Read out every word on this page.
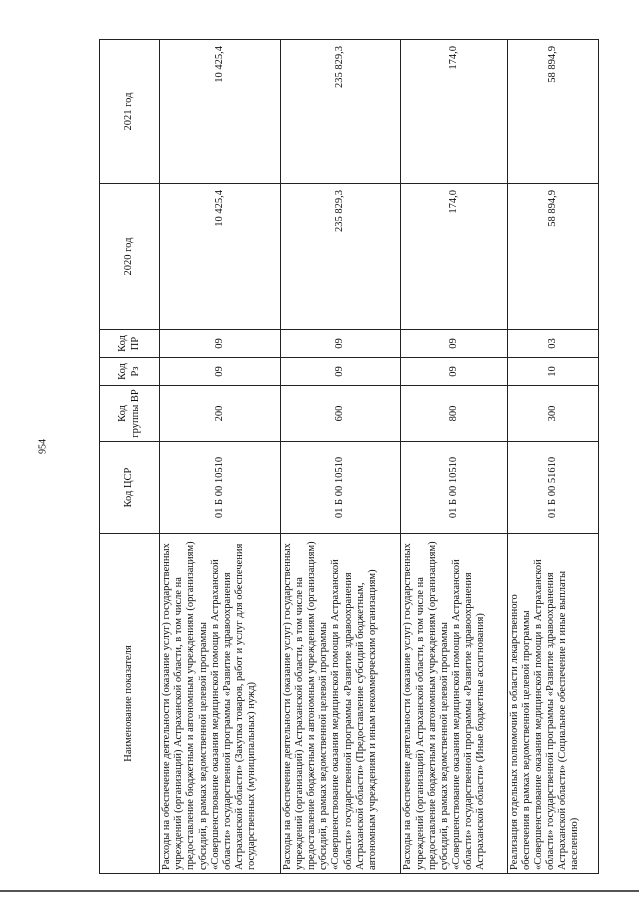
954
Наименование показателя	Код ЦСР	Код группы ВР	Код Рз	Код ПР	2020 год	2021 год
Расходы на обеспечение деятельности (оказание услуг) государственных учреждений (организаций) Астраханской области, в том числе на предоставление бюджетным и автономным учреждениям (организациям) субсидий, в рамках ведомственной целевой программы «Совершенствование оказания медицинской помощи в Астраханской области» государственной программы «Развитие здравоохранения Астраханской области» (Закупка товаров, работ и услуг для обеспечения государственных (муниципальных) нужд)	01 Б 00 10510	200	09	09	10 425,4	10 425,4
Расходы на обеспечение деятельности (оказание услуг) государственных учреждений (организаций) Астраханской области, в том числе на предоставление бюджетным и автономным учреждениям (организациям) субсидий, в рамках ведомственной целевой программы «Совершенствование оказания медицинской помощи в Астраханской области» государственной программы «Развитие здравоохранения Астраханской области» (Предоставление субсидий бюджетным, автономным учреждениям и иным некоммерческим организациям)	01 Б 00 10510	600	09	09	235 829,3	235 829,3
Расходы на обеспечение деятельности (оказание услуг) государственных учреждений (организаций) Астраханской области, в том числе на предоставление бюджетным и автономным учреждениям (организациям) субсидий, в рамках ведомственной целевой программы «Совершенствование оказания медицинской помощи в Астраханской области» государственной программы «Развитие здравоохранения Астраханской области» (Иные бюджетные ассигнования)	01 Б 00 10510	800	09	09	174,0	174,0
Реализация отдельных полномочий в области лекарственного обеспечения в рамках ведомственной целевой программы «Совершенствование оказания медицинской помощи в Астраханской области» государственной программы «Развитие здравоохранения Астраханской области» (Социальное обеспечение и иные выплаты населению)	01 Б 00 51610	300	10	03	58 894,9	58 894,9
